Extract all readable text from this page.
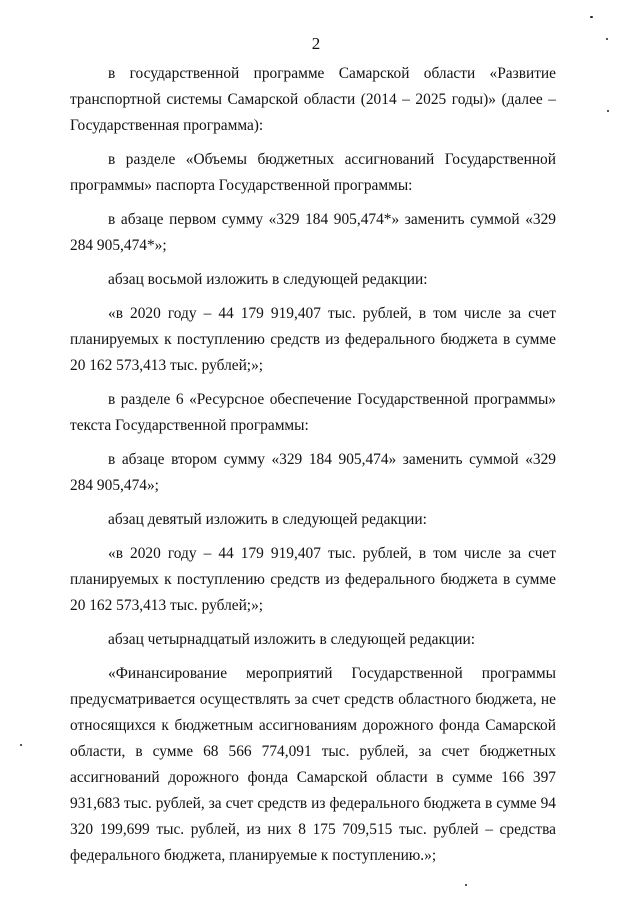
2

в государственной программе Самарской области «Развитие транспортной системы Самарской области (2014 – 2025 годы)» (далее – Государственная программа):

в разделе «Объемы бюджетных ассигнований Государственной программы» паспорта Государственной программы:

в абзаце первом сумму «329 184 905,474*» заменить суммой «329 284 905,474*»;

абзац восьмой изложить в следующей редакции:

«в 2020 году – 44 179 919,407 тыс. рублей, в том числе за счет планируемых к поступлению средств из федерального бюджета в сумме 20 162 573,413 тыс. рублей;»;

в разделе 6 «Ресурсное обеспечение Государственной программы» текста Государственной программы:

в абзаце втором сумму «329 184 905,474» заменить суммой «329 284 905,474»;

абзац девятый изложить в следующей редакции:

«в 2020 году – 44 179 919,407 тыс. рублей, в том числе за счет планируемых к поступлению средств из федерального бюджета в сумме 20 162 573,413 тыс. рублей;»;

абзац четырнадцатый изложить в следующей редакции:

«Финансирование мероприятий Государственной программы предусматривается осуществлять за счет средств областного бюджета, не относящихся к бюджетным ассигнованиям дорожного фонда Самарской области, в сумме 68 566 774,091 тыс. рублей, за счет бюджетных ассигнований дорожного фонда Самарской области в сумме 166 397 931,683 тыс. рублей, за счет средств из федерального бюджета в сумме 94 320 199,699 тыс. рублей, из них 8 175 709,515 тыс. рублей – средства федерального бюджета, планируемые к поступлению.»;
